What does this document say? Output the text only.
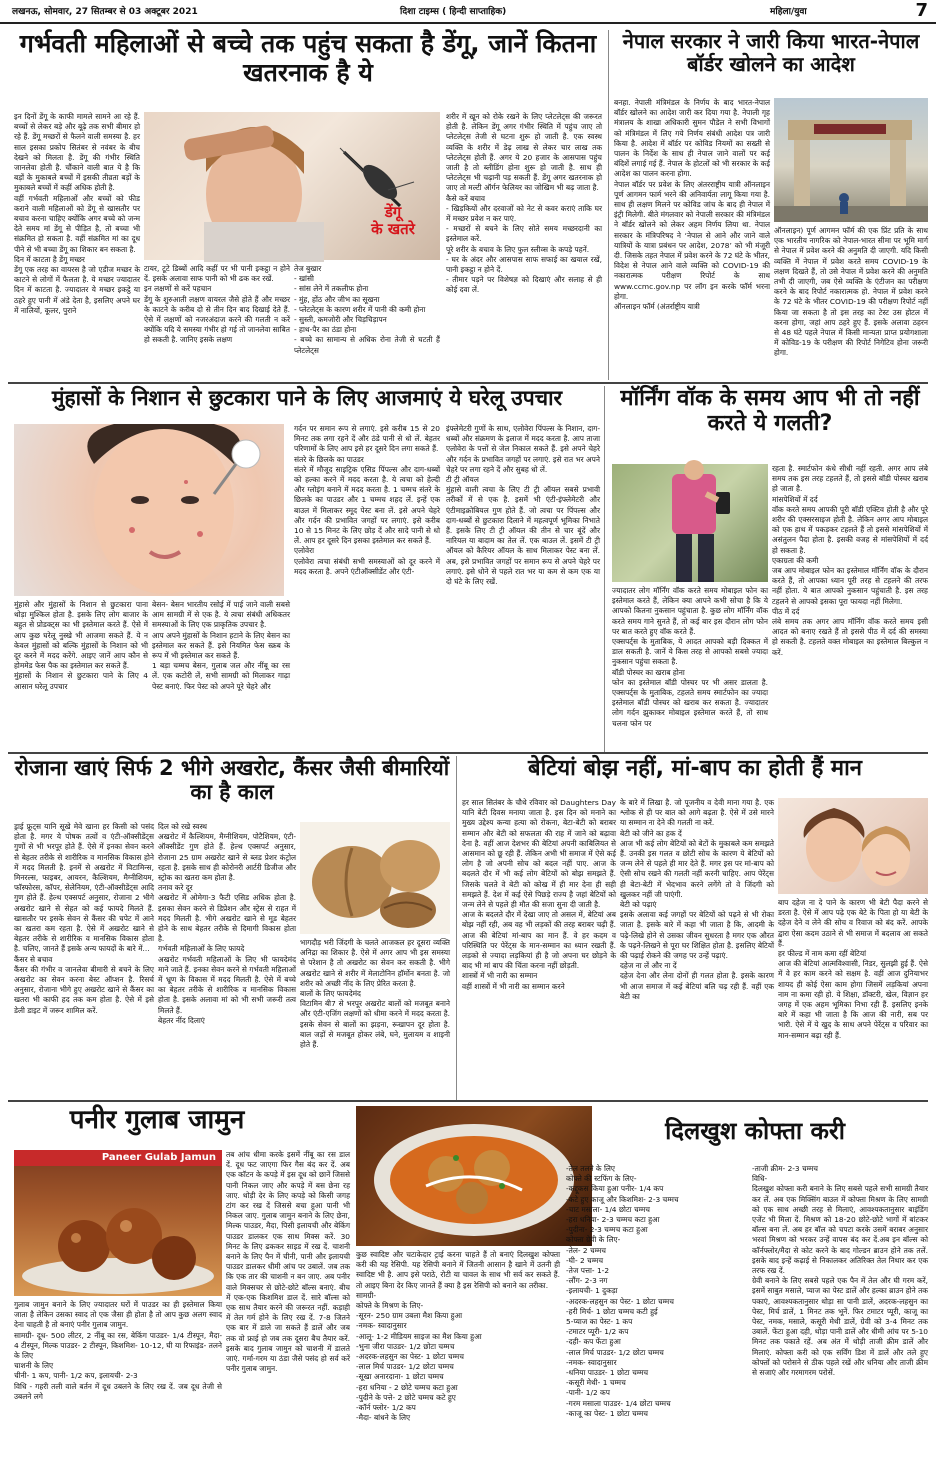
लखनऊ, सोमवार, 27 सितम्बर से 03 अक्टूबर 2021	दिशा टाइम्स ( हिन्दी साप्ताहिक)	महिला/युवा	7
गर्भवती महिलाओं से बच्चे तक पहुंच सकता है डेंगू, जानें कितना खतरनाक है ये
डेंगू
के खतरे
इन दिनों डेंगू के काफी मामले सामने आ रहे हैं. बच्चों से लेकर बड़े और बूढ़े तक सभी बीमार हो रहे हैं. डेंगू मच्छरों से फैलने वाली समस्या है. हर साल इसका प्रकोप सितंबर से नवंबर के बीच देखने को मिलता है. डेंगू की गंभीर स्थिति जानलेवा होती है. चौंकाने वाली बात ये है कि बड़ों के मुकाबले बच्चों में इसकी तीव्रता बड़ों के मुकाबले बच्चों में कहीं अधिक होती है.
वहीं गर्भवती महिलाओं और बच्चों को फीड कराने वाली महिलाओं को डेंगू से खासतौर पर बचाव करना चाहिए क्योंकि अगर बच्चे को जन्म देते समय मां डेंगू से पीड़ित है, तो बच्चा भी संक्रमित हो सकता है. वहीं संक्रमित मां का दूध पीने से भी बच्चा डेंगू का शिकार बन सकता है.
दिन में काटता है डेंगू मच्छर
डेंगू एक तरह का वायरस है जो एडीज मच्छर के काटने से लोगों में फैलता है. ये मच्छर ज्यादातर दिन में काटता है. ज्यादातर ये मच्छर इकट्ठे या ठहरे हुए पानी में अंडे देता है, इसलिए अपने घर में नालियों, कूलर, पुराने
टायर, टूटे डिब्बों आदि कहीं पर भी पानी इकट्ठा न होने दें. इसके अलावा साफ पानी को भी ढक कर रखें.
इन लक्षणों से करें पहचान
डेंगू के शुरुआती लक्षण वायरल जैसे होते हैं और मच्छर के काटने के करीब दो से तीन दिन बाद दिखाई देते हैं. ऐसे में लक्षणों को नजरअंदाज करने की गलती न करें क्योंकि यदि ये समस्या गंभीर हो गई तो जानलेवा साबित हो सकती है. जानिए इसके लक्षण
तेज बुखार
- खांसी
- सांस लेने में तकलीफ होना
- मुंह, होंठ और जीभ का सूखना
- प्लेटलेट्स के कारण शरीर में पानी की कमी होना
- सुस्ती, कमजोरी और चिड़चिड़ापन
- हाथ-पैर का ठंडा होना
- बच्चे का सामान्य से अधिक रोना तेजी से घटती हैं प्लेटलेट्स
शरीर में खून को रोके रखने के लिए प्लेटलेट्स की जरूरत होती है. लेकिन डेंगू अगर गंभीर स्थिति में पहुंच जाए तो प्लेटलेट्स तेजी से घटना शुरू हो जाती है. एक स्वस्थ व्यक्ति के शरीर में डेढ़ लाख से लेकर चार लाख तक प्लेटलेट्स होती हैं. अगर ये 20 हजार के आसपास पहुंच जाती है तो ब्लीडिंग होना शुरू हो जाती है. साथ ही प्लेटलेट्स भी चढ़ानी पड़ सकती हैं. डेंगू अगर खतरनाक हो जाए तो मल्टी ऑर्गन फेलियर का जोखिम भी बढ़ जाता है.
कैसे करें बचाव
- खिड़कियों और दरवाजों को नेट से कवर कराएं ताकि घर में मच्छर प्रवेश न कर पाएं.
- मच्छरों से बचने के लिए सोते समय मच्छरदानी का इस्तेमाल करें.
पूरे शरीर के बचाव के लिए फुल स्लीव्स के कपड़े पहनें.
- घर के अंदर और आसपास साफ सफाई का खयाल रखें, पानी इकट्ठा न होने दें.
- तीमार पड़ने पर विशेषज्ञ को दिखाएं और सलाह से ही कोई दवा लें.
नेपाल सरकार ने जारी किया भारत-नेपाल बॉर्डर खोलने का आदेश
बनहा. नेपाली मंत्रिमंडल के निर्णय के बाद भारत-नेपाल बॉर्डर खोलने का आदेश जारी कर दिया गया है. नेपाली गृह मंत्रालय के शाखा अधिकारी सुमन पौडेल ने सभी विभागों को मंत्रिमंडल में लिए गये निर्णय संबंधी आदेश पत्र जारी किया है. आदेश में बॉर्डर पर कोविड नियमों का सख्ती से पालन के निर्देश के साथ ही नेपाल जाने वालों पर कई बंदिशें लगाई गई हैं. नेपाल के होटलों को भी सरकार के कई आदेश का पालन करना होगा.
नेपाल बॉर्डर पर प्रवेश के लिए अंतरराष्ट्रीय यात्री ऑनलाइन पूर्ण आगमन फार्म भरने की अनिवार्यता लागू किया गया है. साथ ही लक्षण मिलने पर कोविड जांच के बाद ही नेपाल में इंट्री मिलेगी. बीते मंगलवार को नेपाली सरकार की मंत्रिमंडल ने बॉर्डर खोलने को लेकर अहम निर्णय लिया था. नेपाल सरकार के मंत्रिपरिषद ने ‘नेपाल से आने और जाने वाले यात्रियों के यात्रा प्रबंधन पर आदेश, 2078’ को भी मंजूरी दी. जिसके तहत नेपाल में प्रवेश करने के 72 घंटे के भीतर, विदेश से नेपाल आने वाले व्यक्ति को COVID-19 की नकारात्मक परीक्षण रिपोर्ट के साथ www.ccmc.gov.np पर लॉग इन करके फॉर्म भरना होगा.
ऑनलाइन फॉर्म (अंतर्राष्ट्रीय यात्री
ऑनलाइन) पूर्ण आगमन फॉर्म की एक प्रिंट प्रति के साथ एक भारतीय नागरिक को नेपाल-भारत सीमा पर भूमि मार्ग से नेपाल में प्रवेश करने की अनुमति दी जाएगी. यदि किसी व्यक्ति में नेपाल में प्रवेश करते समय COVID-19 के लक्षण दिखते हैं, तो उसे नेपाल में प्रवेश करने की अनुमति तभी दी जाएगी, जब ऐसे व्यक्ति के एंटीजन का परीक्षण करने के बाद रिपोर्ट नकारात्मक हो. नेपाल में प्रवेश करने के 72 घंटे के भीतर COVID-19 की परीक्षण रिपोर्ट नहीं किया जा सकता है तो इस तरह का टेस्ट उस होटल में करना होगा, जहां आप ठहरे हुए हैं. इसके अलावा ठहरन से 48 घंटे पहले नेपाल में किसी मान्यता प्राप्त प्रयोगशाला में कोविड-19 के परीक्षण की रिपोर्ट निगेटिव होना जरूरी होगा.
मुंहासों के निशान से छुटकारा पाने के लिए आजमाएं ये घरेलू उपचार
मुंहासे और मुंहासों के निशान से छुटकारा पाना थोड़ा मुश्किल होता है. इसके लिए लोग बाजार के बहुत से प्रोडक्ट्स का भी इस्तेमाल करते हैं. ऐसे में आप कुछ घरेलू नुस्खे भी आजमा सकते हैं. ये न केवल मुंहासों को बल्कि मुंहासों के निशान को भी दूर करने में मदद करेंगे. आइए जानें आप कौन से होममेड फेस पैक का इस्तेमाल कर सकते हैं.
मुंहासों के निशान से छुटकारा पाने के लिए 4 आसान घरेलू उपचार
बेसन- बेसन भारतीय रसोई में पाई जाने वाली सबसे आम सामग्री में से एक है. ये त्वचा संबंधी अधिकतर समस्याओं के लिए एक प्राकृतिक उपचार है.
आप अपने मुंहासों के निशान हटाने के लिए बेसन का इस्तेमाल कर सकते हैं. इसे नियमित फेस स्क्रब के रूप में भी इस्तेमाल कर सकते हैं.
1 बड़ा चम्मच बेसन, गुलाब जल और नींबू का रस लें. एक कटोरी लें, सभी सामग्री को मिलाकर गाढ़ा पेस्ट बनाएं. फिर पेस्ट को अपने पूरे चेहरे और
गर्दन पर समान रूप से लगाएं. इसे करीब 15 से 20 मिनट तक लगा रहने दें और ठंडे पानी से धो लें. बेहतर परिणामों के लिए आप इसे हर दूसरे दिन लगा सकते हैं.
संतरे के छिलके का पाउडर
संतरे में मौजूद साइट्रिक एसिड पिंपल्स और दाग-धब्बों को हल्का करने में मदद करता है. ये त्वचा को हेल्दी और ग्लोइंग बनाने में मदद करता है. 1 चम्मच संतरे के छिलके का पाउडर और 1 चम्मच शहद लें. इन्हें एक बाउल में मिलाकर स्मूद पेस्ट बना लें. इसे अपने चेहरे और गर्दन की प्रभावित जगहों पर लगाएं. इसे करीब 10 से 15 मिनट के लिए छोड़ दें और सादे पानी से धो लें. आप हर दूसरे दिन इसका इस्तेमाल कर सकते हैं.
एलोवेरा
एलोवेरा त्वचा संबंधी सभी समस्याओं को दूर करने में मदद करता है. अपने एंटीऑक्सीडेंट और एंटी-
इंफ्लेमेटरी गुणों के साथ, एलोवेरा पिंपल्स के निशान, दाग-धब्बों और संक्रमण के इलाज में मदद करता है. आप ताजा एलोवेरा के पत्तों से जेल निकाल सकते हैं. इसे अपने चेहरे और गर्दन के प्रभावित जगहों पर लगाएं. इसे रात भर अपने चेहरे पर लगा रहने दें और सुबह धो लें.
टी ट्री ऑयल
मुंहासे वाली त्वचा के लिए टी ट्री ऑयल सबसे प्रभावी तरीकों में से एक है. इसमें भी एंटी-इंफ्लेमेटरी और एंटीमाइक्रोबियल गुण होते हैं. जो त्वचा पर पिंपल्स और दाग-धब्बों से छुटकारा दिलाने में महत्वपूर्ण भूमिका निभाते हैं. इसके लिए टी ट्री ऑयल की तीन से चार बूंदें और नारियल या बादाम का तेल लें. एक बाउल लें. इसमें टी ट्री ऑयल को कैरियर ऑयल के साथ मिलाकर पेस्ट बना लें. अब, इसे प्रभावित जगहों पर समान रूप से अपने चेहरे पर लगाएं. इसे धोने से पहले रात भर या कम से कम एक या दो घंटे के लिए रखें.
मॉर्निंग वॉक के समय आप भी तो नहीं करते ये गलती?
ज्यादातर लोग मॉर्निंग वॉक करते समय मोबाइल फोन का इस्तेमाल करते हैं, लेकिन क्या आपने कभी सोचा है कि ये आपको कितना नुकसान पहुंचाता है. कुछ लोग मॉर्निंग वॉक करते समय गाने सुनते हैं, तो कई बार इस दौरान लोग फोन पर बात करते हुए वॉक करते हैं.
एक्सपर्ट्स के मुताबिक, ये आदत आपको बड़ी दिक्कत में डाल सकती है. जानें ये किस तरह से आपको सबसे ज्यादा नुकसान पहुंचा सकता है.
बॉडी पोस्चर का खराब होना
फोन का इस्तेमाल बॉडी पोस्चर पर भी असर डालता है. एक्सपर्ट्स के मुताबिक, टहलते समय स्मार्टफोन का ज्यादा इस्तेमाल बॉडी पोस्चर को खराब कर सकता है. ज्यादातर लोग गर्दन झुकाकर मोबाइल इस्तेमाल करते हैं, तो साथ चलना फोन पर
रहता है. स्मार्टफोन कंधे सीधी नहीं रहती. अगर आप लंबे समय तक इस तरह टहलते हैं, तो इससे बॉडी पोस्चर खराब हो जाता है.
मांसपेशियों में दर्द
वॉक करते समय आपकी पूरी बॉडी एक्टिव होती है और पूरे शरीर की एक्सरसाइज होती है. लेकिन अगर आप मोबाइल को एक हाथ में पकड़कर टहलते हैं तो इससे मांसपेशियों में असंतुलन पैदा होता है. इसकी वजह से मांसपेशियों में दर्द हो सकता है.
एकाग्रता की कमी
जब आप मोबाइल फोन का इस्तेमाल मॉर्निंग वॉक के दौरान करते हैं, तो आपका ध्यान पूरी तरह से टहलने की तरफ नहीं होता. ये बात आपको नुकसान पहुंचाती है. इस तरह टहलने से आपको इसका पूरा फायदा नहीं मिलेगा.
पीठ में दर्द
लंबे समय तक अगर आप मॉर्निंग वॉक करते समय इसी आदत को बनाए रखते हैं तो इससे पीठ में दर्द की समस्या हो सकती है. टहलते वक्त मोबाइल का इस्तेमाल बिल्कुल न करें.
रोजाना खाएं सिर्फ 2 भीगे अखरोट, कैंसर जैसी बीमारियों का है काल
ड्राई फ्रूट्स यानि सूखे मेवे खाना हर किसी को पसंद होता है. मगर ये पोषक तत्वों व एंटी-ऑक्सीडेंट्स गुणों से भी भरपूर होते हैं. ऐसे में इनका सेवन करने से बेहतर तरीके से शारीरिक व मानसिक विकास होने में मदद मिलती है. इनमें से अखरोट में विटामिन्स, मिनरल्स, फाइबर, आयरन, कैल्शियम, मैग्नीशियम, फॉस्फोरस, कॉपर, सेलेनियम, एंटी-ऑक्सीडेंट्स आदि गुण होते हैं. हेल्थ एक्सपर्ट अनुसार, रोजाना 2 भीगे अखरोट खाने से सेहत को कई फायदे मिलते हैं. खासतौर पर इसके सेवन से कैंसर की चपेट में आने का खतरा कम रहता है. ऐसे में अखरोट खाने से बेहतर तरीके से शारीरिक व मानसिक विकास होता है. चलिए, जानते हैं इसके अन्य फायदों के बारे में...
कैंसर से बचाव
कैंसर की गंभीर व जानलेवा बीमारी से बचने के लिए अखरोट का सेवन करना बेस्ट ऑप्शन है. रिसर्च अनुसार, रोजाना भीगे हुए अखरोट खाने से कैंसर का खतरा भी काफी हद तक कम होता है. ऐसे में इसे डेली डाइट में जरूर शामिल करें.
दिल को रखे स्वस्थ
अखरोट में कैल्शियम, मैग्नीशियम, पोटैशियम, एंटी-ऑक्सीडेंट गुण होते हैं. हेल्थ एक्सपर्ट अनुसार, रोजाना 25 ग्राम अखरोट खाने से ब्लड प्रेशर कंट्रोल रहता है. इसके साथ ही कोरोनरी आर्टरी डिजीज और स्ट्रोक का खतरा कम होता है.
तनाव करे दूर
अखरोट में ओमेगा-3 फैटी एसिड अधिक होता है. इसका सेवन करने से डिप्रेशन और स्ट्रेस से राहत में मदद मिलती है. भीगे अखरोट खाने से मूड बेहतर होने के साथ बेहतर तरीके से दिमागी विकास होता है.
गर्भवती महिलाओं के लिए फायदे
अखरोट गर्भवती महिलाओं के लिए भी फायदेमंद माने जाते हैं. इनका सेवन करने से गर्भवती महिलाओं में भ्रूण के विकास में मदद मिलती है. ऐसे में बच्चे का बेहतर तरीके से शारीरिक व मानसिक विकास होता है. इसके अलावा मां को भी सभी जरूरी तत्व मिलते हैं.
बेहतर नींद दिलाएं
भागदौड़ भरी जिंदगी के चलते आजकल हर दूसरा व्यक्ति अनिद्रा का शिकार है. ऐसे में अगर आप भी इस समस्या से परेशान है तो अखरोट का सेवन कर सकती है. भीगे अखरोट खाने से शरीर में मेलाटोनिन हॉर्मोन बनता है. जो शरीर को अच्छी नींद के लिए प्रेरित करता है.
बालों के लिए फायदेमंद
विटामिन बी7 से भरपूर अखरोट बालों को मजबूत बनाने और एंटी-एजिंग लक्षणों को धीमा करने में मदद करता है. इसके सेवन से बालों का झड़ना, रूखापन दूर होता है. बाल जड़ों से मजबूत होकर लंबे, घने, मुलायम व शाइनी होते हैं.
बेटियां बोझ नहीं, मां-बाप का होती हैं मान
हर साल सितंबर के चौथे रविवार को Daughters Day यानि बेटी दिवस मनाया जाता है. इस दिन को मनाने का मुख्य उद्देश्य कन्या हत्या को रोकना, बेटा-बेटी को बराबर सम्मान और बेटी को सफलता की राह में जाने को बढ़ावा देना है. वहीं आज देशभर की बेटियां अपनी काबिलियत से आसमान को छू रही हैं. लेकिन अभी भी समाज में ऐसे कई लोग है जो अपनी सोच को बदल नहीं पाए. आज के बदलते दौर में भी कई लोग बेटियों को बोझ समझते हैं. जिसके चलते वे बेटी को कोख में ही मार देना ही सही समझते हैं. देश में कई ऐसे पिछड़े राज्य है जहां बेटियों को जन्म लेने से पहले ही मौत की सजा सुना दी जाती है.
आज के बदलते दौर में देखा जाए तो असल में, बेटियां अब बोझ नहीं रही, अब वह भी लड़कों की तरह बराबर चढ़ी हैं. आज की बेटियां मां-बाप का मान हैं. वे हर कदम व परिस्थिति पर पेरेंट्स के मान-सम्मान का ध्यान रखती हैं. लड़को से ज्यादा लड़कियां ही है जो अपना घर छोड़ने के बाद भी मां बाप की चिंता करना नहीं छोड़ती.
शास्त्रों में भी नारी का सम्मान
वहीं शास्त्रों में भी नारी का सम्मान करने
के बारे में लिखा है. जो पूजनीय व देवी माना गया है. एक श्लोक से ही पर बात को आगे बढ़ता है. ऐसे में उसे मारने या सम्मान ना देने की गलती ना करें.
बेटी को जीने का हक दें
आज भी कई लोग बेटियों को बेटों के मुकाबले कम समझते हैं. उनकी इस गलत व छोटी सोच के कारण ये बेटियों को जन्म लेने से पहले ही मार देते हैं. मगर इस पर मां-बाप को ऐसी सोच रखने की गलती नहीं करनी चाहिए. आप पेरेंट्स ही बेटा-बेटी में भेदभाव करने लगेंगे तो वे जिंदगी को खुलकर नहीं जी पाएंगी.
बेटी को पढ़ाएं
इसके अलावा कई जगहों पर बेटियों को पढ़ने से भी रोका जाता है. इसके बारे में कहा भी जाता है कि, आदमी के पढ़े-लिखे होने से उसका जीवन सुधरता है मगर एक औरत के पढ़ने-लिखने से पूरा घर शिक्षित होता है. इसलिए बेटियों की पढ़ाई रोकने की जगह पर उन्हें पढ़ाएं.
दहेज ना लें और ना दें
दहेज देना और लेना दोनों ही गलत होता है. इसके कारण भी आज समाज में कई बेटियां बलि चढ़ रही हैं. वहीं एक बेटी का
बाप दहेज ना दे पाने के कारण भी बेटी पैदा करने से डरता है. ऐसे में आप पढ़े एक बेटे के पिता हो या बेटी के दहेज देने व लेने की सोच व रिवाज को बंद करें. आपके द्वारा ऐसा कदम उठाने से भी समाज में बदलाव आ सकते हैं.
हर फील्ड में नाम कमा रहीं बेटियां
आज की बेटियां आत्मविश्वासी, निडर, सुलझी हुई हैं. ऐसे में वे हर काम करने को सक्षम है. वहीं आज दुनियाभर शायद ही कोई ऐसा काम होगा जिसमें लड़कियां अपना नाम ना कमा रही हो. ये शिक्षा, डॉक्टरी, खेल, विज्ञान हर जगह में एक अहम भूमिका निभा रही हैं. इसलिए इनके बारे में कहा भी जाता है कि आज की नारी, सब पर भारी. ऐसे में ये खुद के साथ अपने पेरेंट्स व परिवार का मान-सम्मान बढ़ा रही हैं.
पनीर गुलाब जामुन
Paneer Gulab Jamun	तब आंच धीमा करके इसमें नींबू का रस डाल दें. दूध फट जाएगा फिर गैस बंद कर दें. अब एक कॉटन के कपड़े में इस दूध को छानें जिससे पानी निकल जाए और कपड़े में बस छेना रह जाए. थोड़ी देर के लिए कपड़े को किसी जगह टांग कर रख दें जिससे बचा हुआ पानी भी निकल जाए. गुलाब जामुन बनाने के लिए छेना, मिल्क पाउडर, मैदा, पिसी इलायची और बेकिंग पाउडर डालकर एक साथ मिक्स करें. 30 मिनट के लिए ढककर साइड में रख दें. चाशनी बनाने के लिए पैन में चीनी, पानी और इलायची पाउडर डालकर धीमी आंच पर उबालें. जब तक कि एक तार की चाशनी न बन जाए. अब पनीर वाले मिक्सचर से छोटे-छोटे बॉल्स बनाएं. बीच में एक-एक किशमिश डाल दें. सारे बॉल्स को एक साथ तैयार करने की जरूरत नहीं. कड़ाही में तेल गर्म होने के लिए रख दें. 7-8 जितने एक बार में डाले जा सकते हैं डालें और जब तक वो फ्राई हो जब तक दूसरा बैच तैयार करें. इसके बाद गुलाब जामुन को चाशनी में डालते जाएं. गर्मा-गरम या ठंडा जैसे पसंद हो सर्व करें पनीर गुलाब जामुन.
गुलाब जामुन बनाने के लिए ज्यादातर घरों में पाउडर का ही इस्तेमाल किया जाता है लेकिन उसका स्वाद तो एक जैसा ही होता है तो आप कुछ अलग स्वाद देना चाहती है तो बनाएं पनीर गुलाब जामुन.
सामग्री- दूध- 500 लीटर, 2 नींबू का रस, बेकिंग पाउडर- 1/4 टीस्पून, मैदा- 4 टीस्पून, मिल्क पाउडर- 2 टीस्पून, किशमिश- 10-12, घी या रिफाइंड- तलने के लिए
चाशनी के लिए
चीनी- 1 कप, पानी- 1/2 कप, इलायची- 2-3
विधि - गहरी तली वाले बर्तन में दूध उबलने के लिए रख दें. जब दूध तेजी से उबलने लगे
दिलखुश कोफ्ता करी
कुछ स्वादिष्ट और चटाकेदार ट्राई करना चाहते हैं तो बनाएं दिलखुश कोफ्ता करी की यह रेसिपी. यह रेसिपी बनाने में जितनी आसान है खाने में उतनी ही स्वादिष्ट भी है. आप इसे पराठे, रोटी या चावल के साथ भी सर्व कर सकते हैं. तो आइए बिना देर किए जानते हैं क्या है इस रेसिपी को बनाने का तरीका.
सामग्री-
कोफ्ते के मिश्रण के लिए-
-सूरन- 250 ग्राम उबला मैश किया हुआ
-नमक- स्वादानुसार
-आलू- 1-2 मीडियम साइज का मैश किया हुआ
-भुना जीरा पाउडर- 1/2 छोटा चम्मच
-अदरक-लहसुन का पेस्ट- 1 छोटा चम्मच
-लाल मिर्च पाउडर- 1/2 छोटा चम्मच
-सूखा अनारदाना- 1 छोटा चम्मच
-हरा धनिया - 2 छोटे चम्मच कटा हुआ
-पुदीने के पत्ते- 2 छोटे चम्मच कटे हुए
-कॉर्न फ्लोर- 1/2 कप
-मैदा- बांधने के लिए
-तेल तलने के लिए
कोफ्ते की स्टफिंग के लिए-
-कद्दूकस किया हुआ पनीर- 1/4 कप
-कटे हुए काजू और किशमिश- 2-3 चम्मच
-चाट मसाला- 1/4 छोटा चम्मच
-हरा धनिया- 2-3 चम्मच कटा हुआ
-पुदीना- 2-3 चम्मच कटा हुआ
कोफ्ता ग्रेवी के लिए-
-तेल- 2 चम्मच
-घी- 2 चम्मच
-तेज पत्ता- 1-2
-लौंग- 2-3 नग
-इलायची- 1 दुकड़ा
-अदरक-लहसुन का पेस्ट- 1 छोटा चम्मच
-हरी मिर्च- 1 छोटा चम्मच कटी हुई
5-प्याज का पेस्ट- 1 कप
-टमाटर प्यूरी- 1/2 कप
-दही- कप फेंटा हुआ
-लाल मिर्च पाउडर- 1/2 छोटा चम्मच
-नमक- स्वादानुसार
-धनिया पाउडर- 1 छोटा चम्मच
-कसूरी मेथी- 1 चम्मच
-पानी- 1/2 कप
-गरम मसाला पाउडर- 1/4 छोटा चम्मच
-काजू का पेस्ट- 1 छोटा चम्मच
-ताजी क्रीम- 2-3 चम्मच
विधि-
दिलखुश कोफ्ता करी बनाने के लिए सबसे पहले सभी सामग्री तैयार कर लें. अब एक मिक्सिंग बाउल में कोफ्ता मिश्रण के लिए सामग्री को एक साथ अच्छी तरह से मिलाएं, आवश्यकतानुसार बाइंडिंग एजेंट भी मिला दें. मिश्रण को 18-20 छोटे-छोटे भागों में बांटकर बॉल्स बना लें. अब हर बॉल को चपटा करके उसमें बराबर अनुसार भरवां मिश्रण को भरकर उन्हें वापस बंद कर दें.अब इन बॉल्स को कॉर्नफ्लोर/मैदा से कोट करने के बाद गोल्डन ब्राउन होने तक तलें. इसके बाद इन्हें कढ़ाई से निकालकर अतिरिक्त तेल निथार कर एक तरफ रख दें.
ग्रेवी बनाने के लिए सबसे पहले एक पैन में तेल और घी गरम करें, इसमें साबुत मसाले, प्याज का पेस्ट डालें और हल्का ब्राउन होने तक पकाएं, आवश्यकतानुसार थोड़ा सा पानी डालें, अदरक-लहसुन का पेस्ट, मिर्च डालें, 1 मिनट तक भूनें. फिर टमाटर प्यूरी, काजू का पेस्ट, नमक, मसाले, कसूरी मेथी डालें, ग्रेवी को 3-4 मिनट तक उबालें. फेंटा हुआ दही, थोड़ा पानी डालें और धीमी आंच पर 5-10 मिनट तक पकाते रहें. अब अंत में थोड़ी ताजी क्रीम डालें और मिलाएं. कोफ्ता करी को एक सर्विंग डिश में डालें और तले हुए कोफ्तों को परोसने से ठीक पहले रखें और धनिया और ताजी क्रीम से सजाएं और गरमागरम परोसें.
